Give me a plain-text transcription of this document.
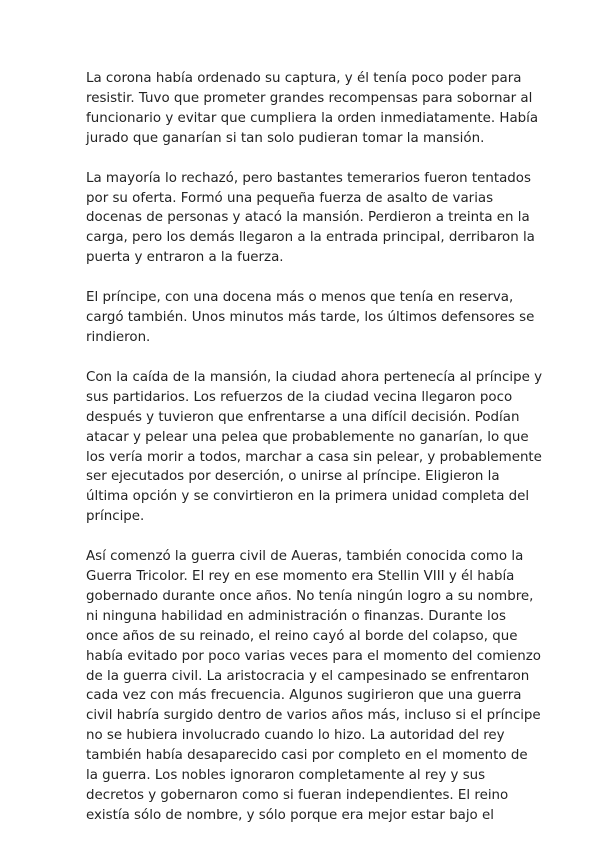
La corona había ordenado su captura, y él tenía poco poder para
resistir. Tuvo que prometer grandes recompensas para sobornar al
funcionario y evitar que cumpliera la orden inmediatamente. Había
jurado que ganarían si tan solo pudieran tomar la mansión.

La mayoría lo rechazó, pero bastantes temerarios fueron tentados
por su oferta. Formó una pequeña fuerza de asalto de varias
docenas de personas y atacó la mansión. Perdieron a treinta en la
carga, pero los demás llegaron a la entrada principal, derribaron la
puerta y entraron a la fuerza.

El príncipe, con una docena más o menos que tenía en reserva,
cargó también. Unos minutos más tarde, los últimos defensores se
rindieron.

Con la caída de la mansión, la ciudad ahora pertenecía al príncipe y
sus partidarios. Los refuerzos de la ciudad vecina llegaron poco
después y tuvieron que enfrentarse a una difícil decisión. Podían
atacar y pelear una pelea que probablemente no ganarían, lo que
los vería morir a todos, marchar a casa sin pelear, y probablemente
ser ejecutados por deserción, o unirse al príncipe. Eligieron la
última opción y se convirtieron en la primera unidad completa del
príncipe.

Así comenzó la guerra civil de Aueras, también conocida como la
Guerra Tricolor. El rey en ese momento era Stellin VIII y él había
gobernado durante once años. No tenía ningún logro a su nombre,
ni ninguna habilidad en administración o finanzas. Durante los
once años de su reinado, el reino cayó al borde del colapso, que
había evitado por poco varias veces para el momento del comienzo
de la guerra civil. La aristocracia y el campesinado se enfrentaron
cada vez con más frecuencia. Algunos sugirieron que una guerra
civil habría surgido dentro de varios años más, incluso si el príncipe
no se hubiera involucrado cuando lo hizo. La autoridad del rey
también había desaparecido casi por completo en el momento de
la guerra. Los nobles ignoraron completamente al rey y sus
decretos y gobernaron como si fueran independientes. El reino
existía sólo de nombre, y sólo porque era mejor estar bajo el
